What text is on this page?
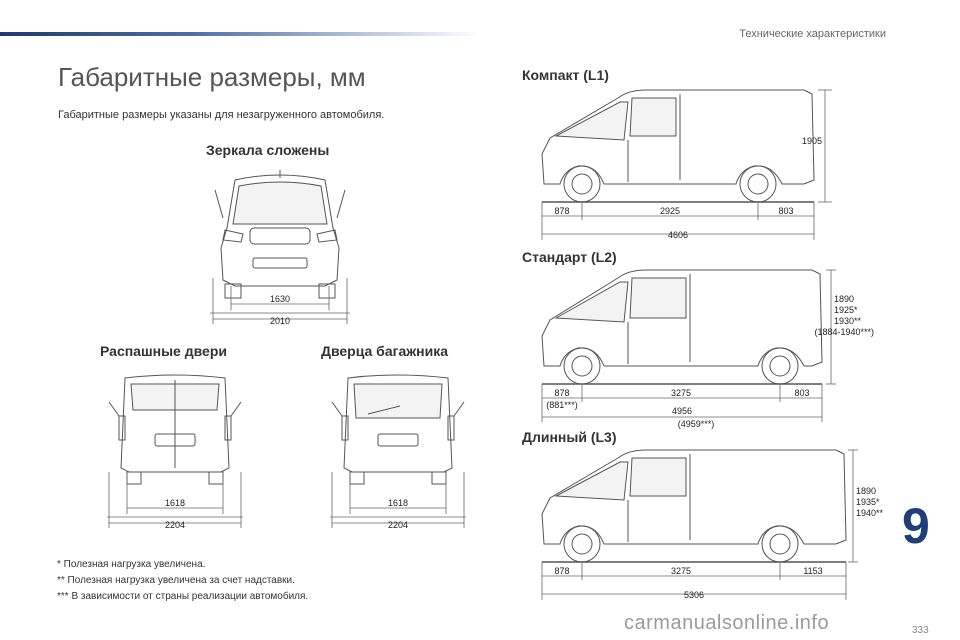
Технические характеристики
Габаритные размеры, мм
Габаритные размеры указаны для незагруженного автомобиля.
Зеркала сложены
Распашные двери	Дверца багажника
1630
2010
1618
2204
1618
2204
Компакт (L1)
Стандарт (L2)
Длинный (L3)
1905
878	2925	803
4606
1890
1925*
1930**
(1884-1940***)
878
(881***)
3275	803
4956
(4959***)
1890
1935*
1940**
878	3275	1153
5306
* Полезная нагрузка увеличена.
** Полезная нагрузка увеличена за счет надставки.
*** В зависимости от страны реализации автомобиля.
9
333
carmanualsonline.info
